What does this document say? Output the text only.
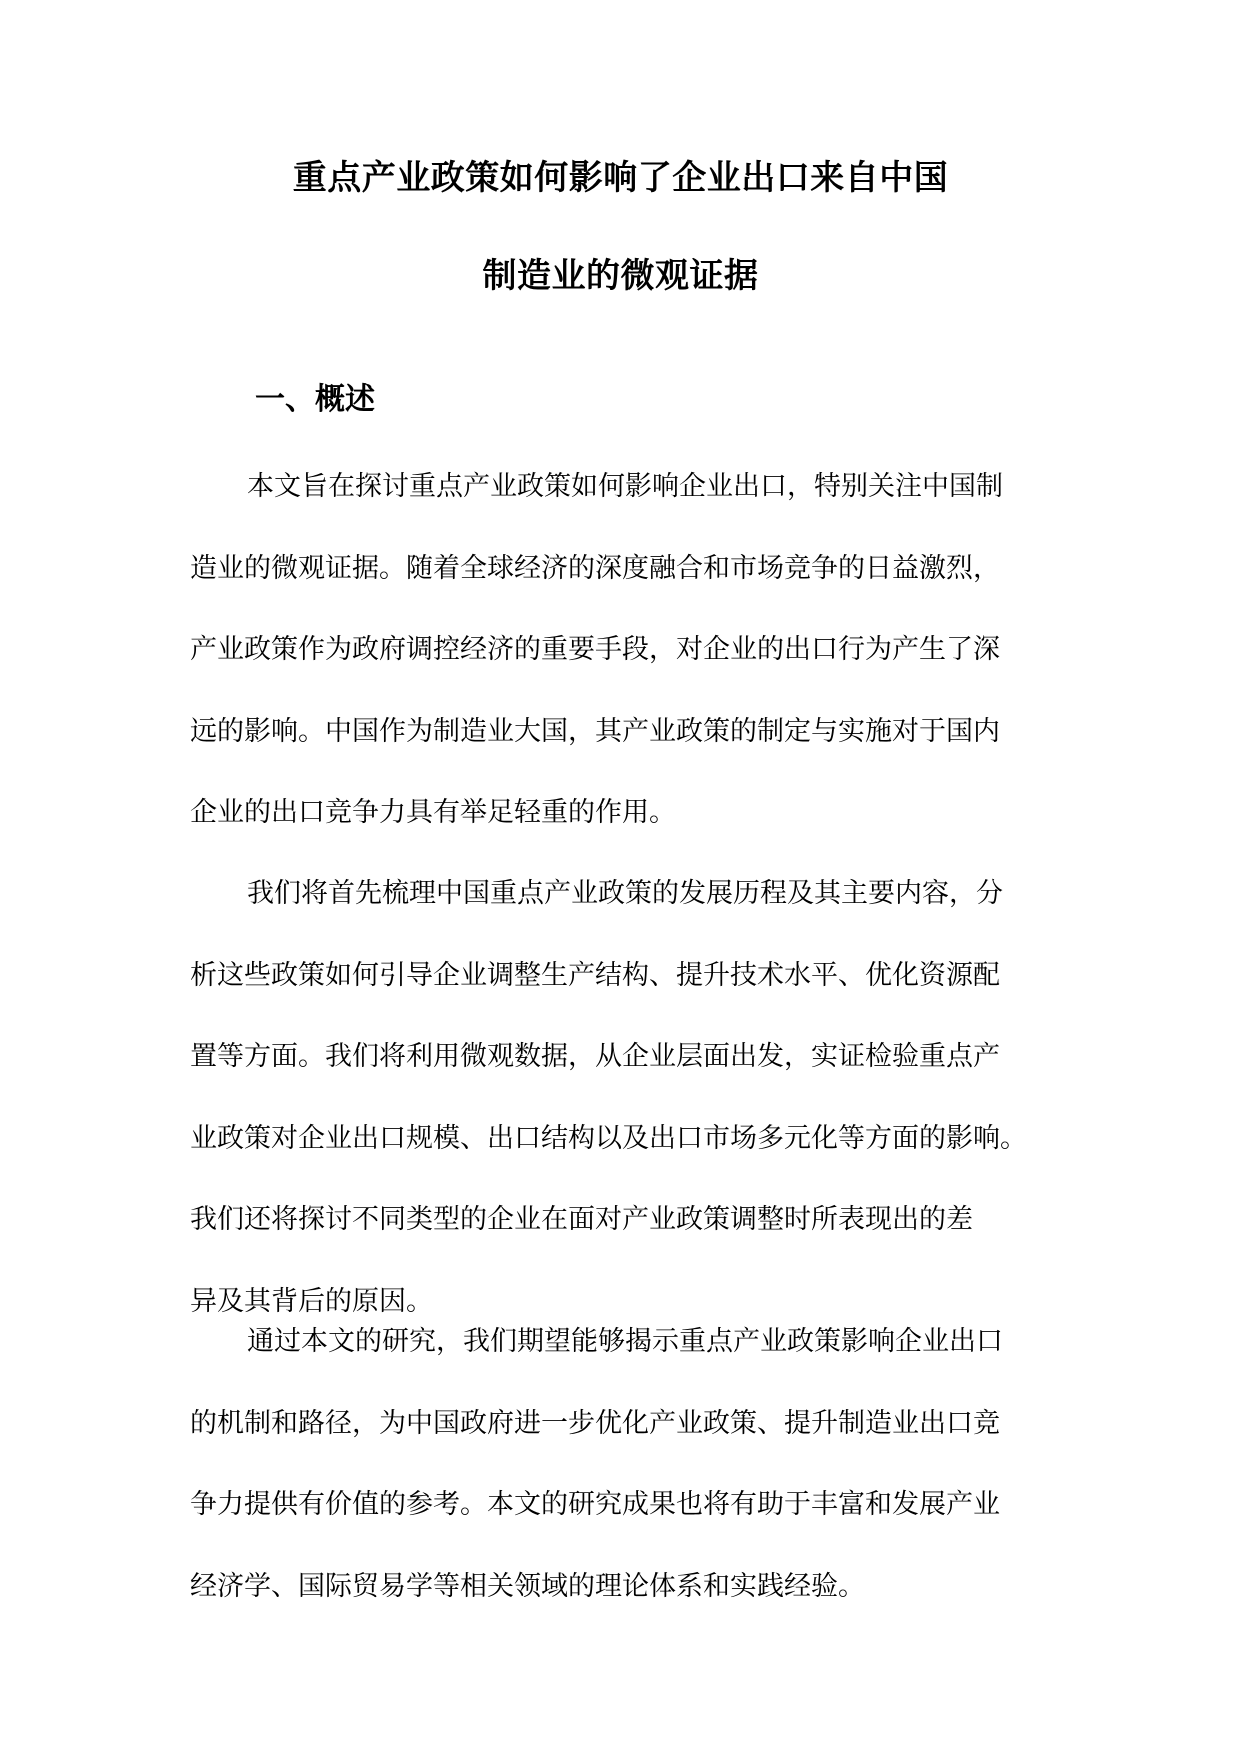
重点产业政策如何影响了企业出口来自中国
制造业的微观证据
一、概述
本文旨在探讨重点产业政策如何影响企业出口，特别关注中国制
造业的微观证据。随着全球经济的深度融合和市场竞争的日益激烈，
产业政策作为政府调控经济的重要手段，对企业的出口行为产生了深
远的影响。中国作为制造业大国，其产业政策的制定与实施对于国内
企业的出口竞争力具有举足轻重的作用。
我们将首先梳理中国重点产业政策的发展历程及其主要内容，分
析这些政策如何引导企业调整生产结构、提升技术水平、优化资源配
置等方面。我们将利用微观数据，从企业层面出发，实证检验重点产
业政策对企业出口规模、出口结构以及出口市场多元化等方面的影响。
我们还将探讨不同类型的企业在面对产业政策调整时所表现出的差
异及其背后的原因。
通过本文的研究，我们期望能够揭示重点产业政策影响企业出口
的机制和路径，为中国政府进一步优化产业政策、提升制造业出口竞
争力提供有价值的参考。本文的研究成果也将有助于丰富和发展产业
经济学、国际贸易学等相关领域的理论体系和实践经验。
